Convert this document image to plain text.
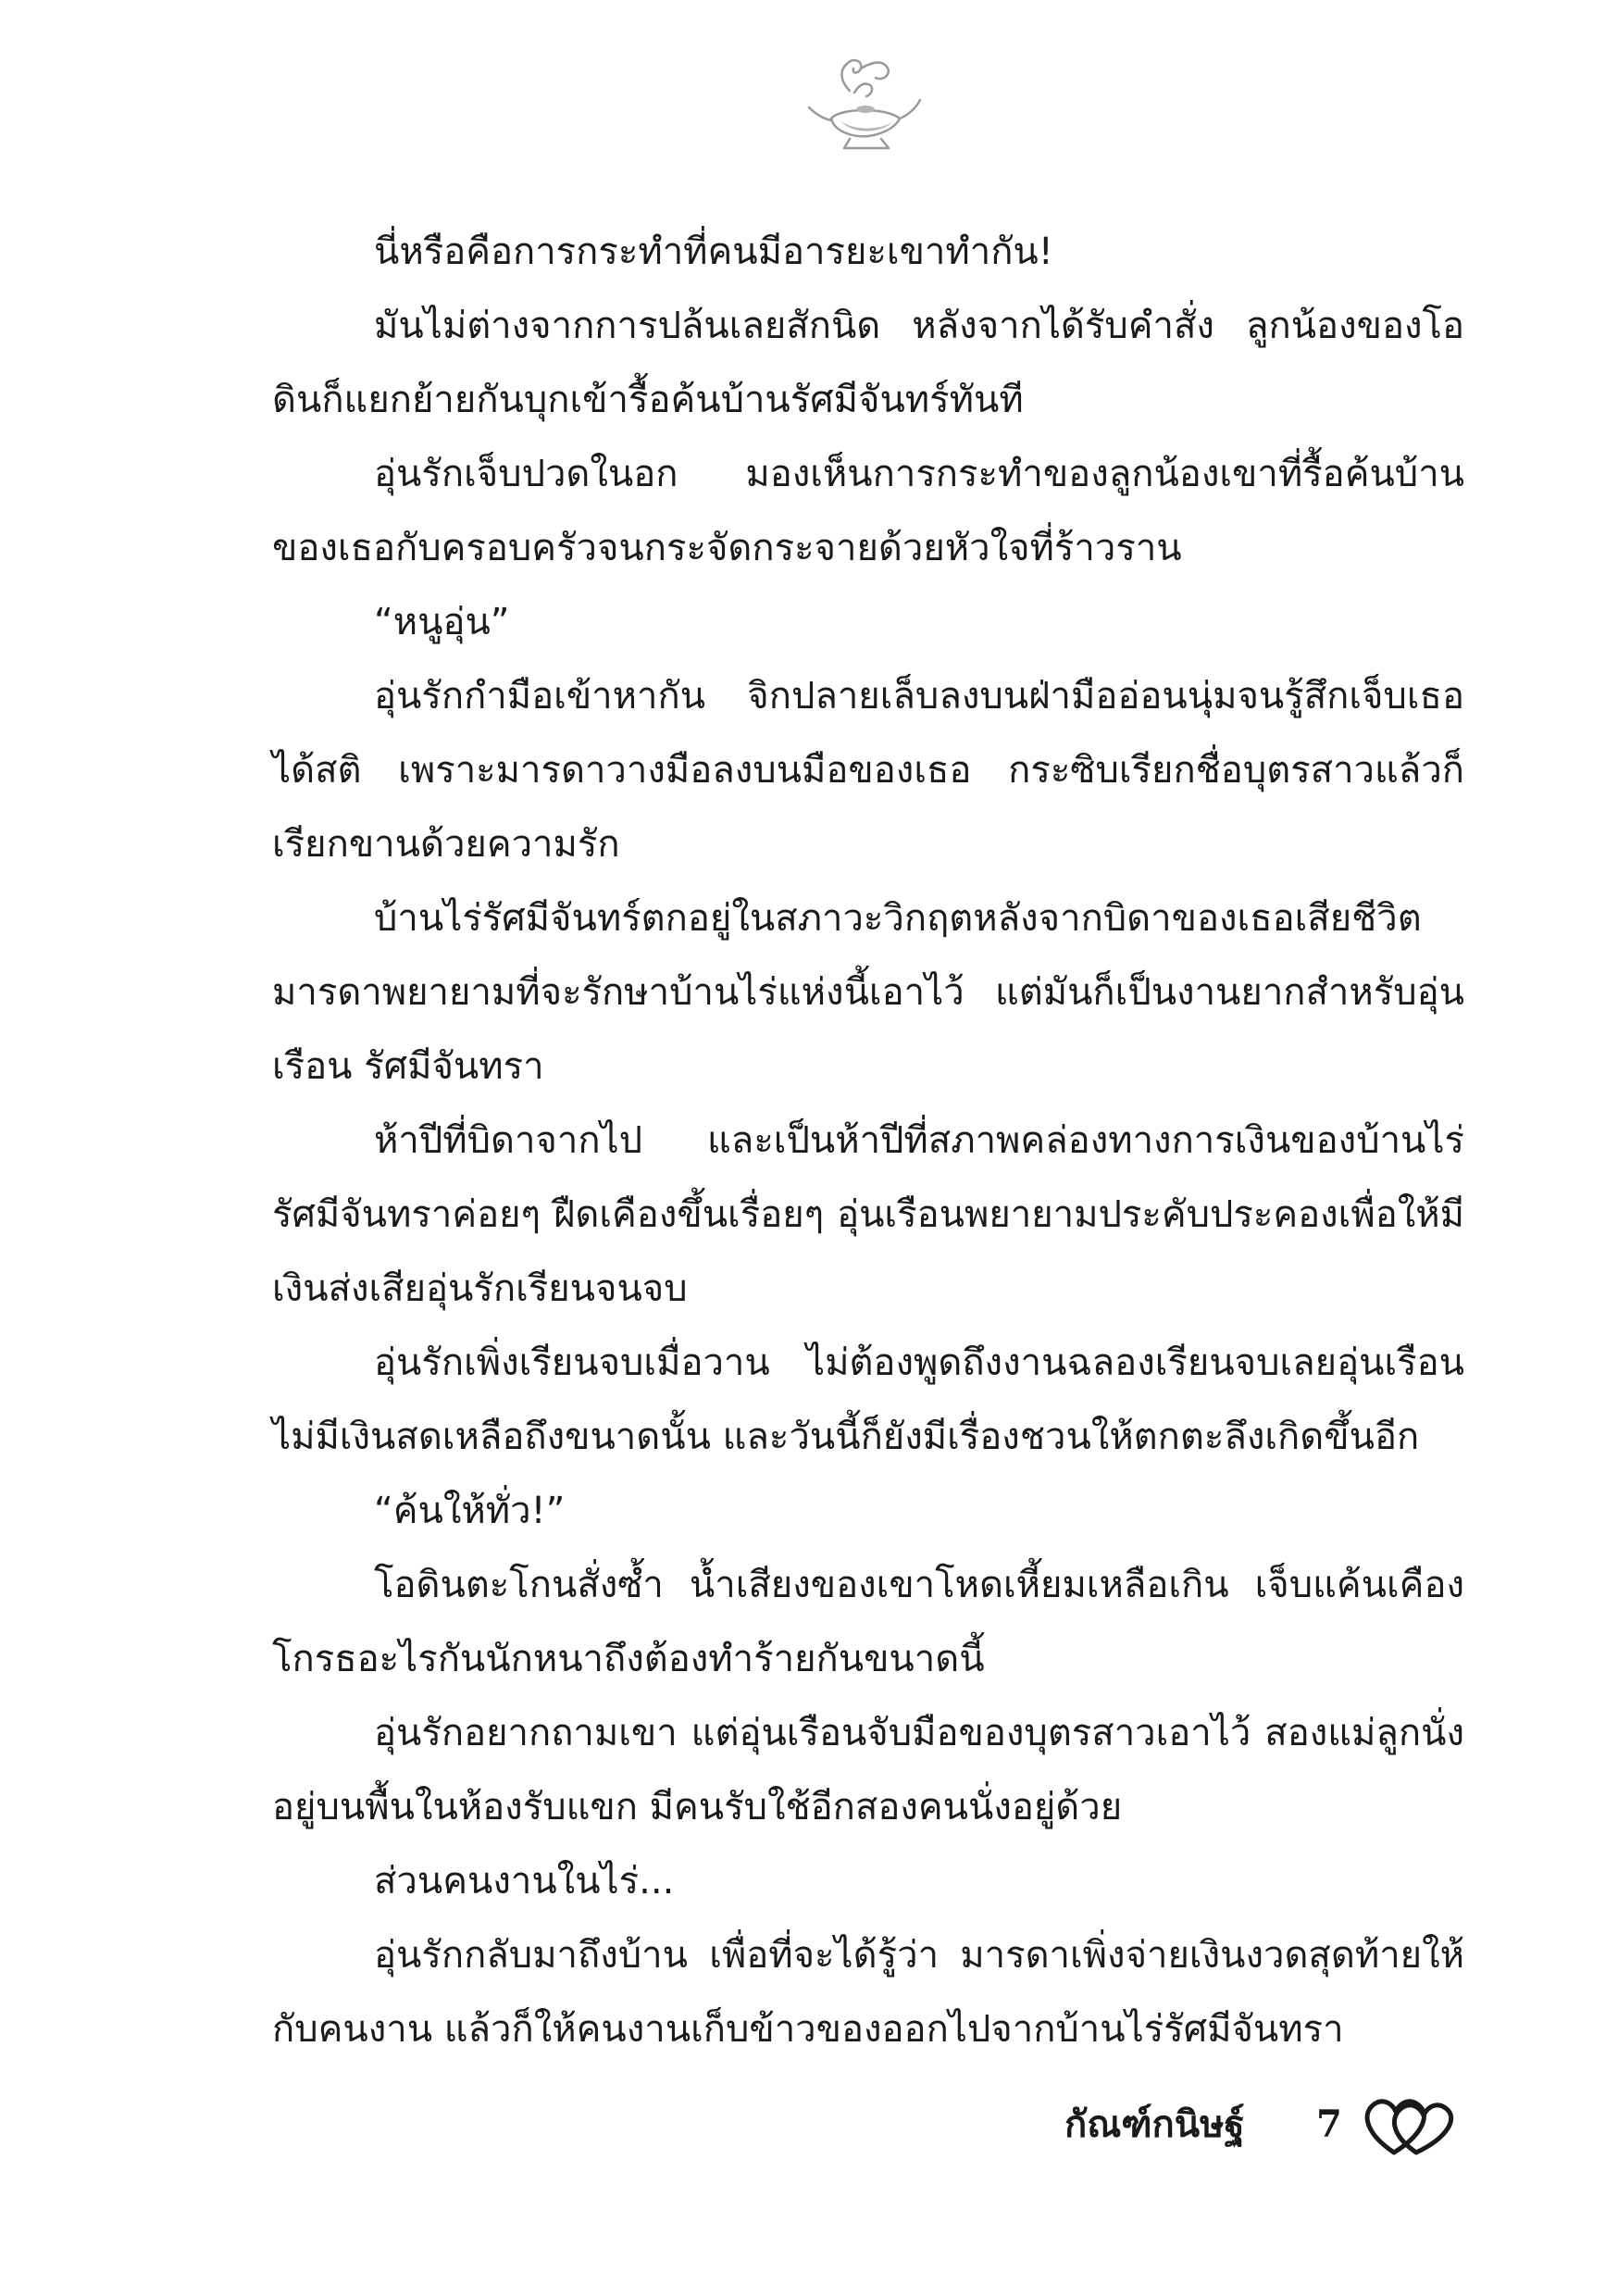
นี่หรือคือการกระทำที่คนมีอารยะเขาทำกัน!

มันไม่ต่างจากการปล้นเลยสักนิด หลังจากได้รับคำสั่ง ลูกน้องของโอดินก็แยกย้ายกันบุกเข้ารื้อค้นบ้านรัศมีจันทร์ทันที

อุ่นรักเจ็บปวดในอก มองเห็นการกระทำของลูกน้องเขาที่รื้อค้นบ้านของเธอกับครอบครัวจนกระจัดกระจายด้วยหัวใจที่ร้าวราน

“หนูอุ่น”

อุ่นรักกำมือเข้าหากัน จิกปลายเล็บลงบนฝ่ามืออ่อนนุ่มจนรู้สึกเจ็บเธอได้สติ เพราะมารดาวางมือลงบนมือของเธอ กระซิบเรียกชื่อบุตรสาวแล้วก็เรียกขานด้วยความรัก

บ้านไร่รัศมีจันทร์ตกอยู่ในสภาวะวิกฤตหลังจากบิดาของเธอเสียชีวิตมารดาพยายามที่จะรักษาบ้านไร่แห่งนี้เอาไว้ แต่มันก็เป็นงานยากสำหรับอุ่นเรือน รัศมีจันทรา

ห้าปีที่บิดาจากไป และเป็นห้าปีที่สภาพคล่องทางการเงินของบ้านไร่รัศมีจันทราค่อยๆ ฝืดเคืองขึ้นเรื่อยๆ อุ่นเรือนพยายามประคับประคองเพื่อให้มีเงินส่งเสียอุ่นรักเรียนจนจบ

อุ่นรักเพิ่งเรียนจบเมื่อวาน ไม่ต้องพูดถึงงานฉลองเรียนจบเลยอุ่นเรือนไม่มีเงินสดเหลือถึงขนาดนั้น และวันนี้ก็ยังมีเรื่องชวนให้ตกตะลึงเกิดขึ้นอีก

“ค้นให้ทั่ว!”

โอดินตะโกนสั่งซ้ำ น้ำเสียงของเขาโหดเหี้ยมเหลือเกิน เจ็บแค้นเคืองโกรธอะไรกันนักหนาถึงต้องทำร้ายกันขนาดนี้

อุ่นรักอยากถามเขา แต่อุ่นเรือนจับมือของบุตรสาวเอาไว้ สองแม่ลูกนั่งอยู่บนพื้นในห้องรับแขก มีคนรับใช้อีกสองคนนั่งอยู่ด้วย

ส่วนคนงานในไร่...

อุ่นรักกลับมาถึงบ้าน เพื่อที่จะได้รู้ว่า มารดาเพิ่งจ่ายเงินงวดสุดท้ายให้กับคนงาน แล้วก็ให้คนงานเก็บข้าวของออกไปจากบ้านไร่รัศมีจันทรา

กัณฑ์กนิษฐ์ 7
